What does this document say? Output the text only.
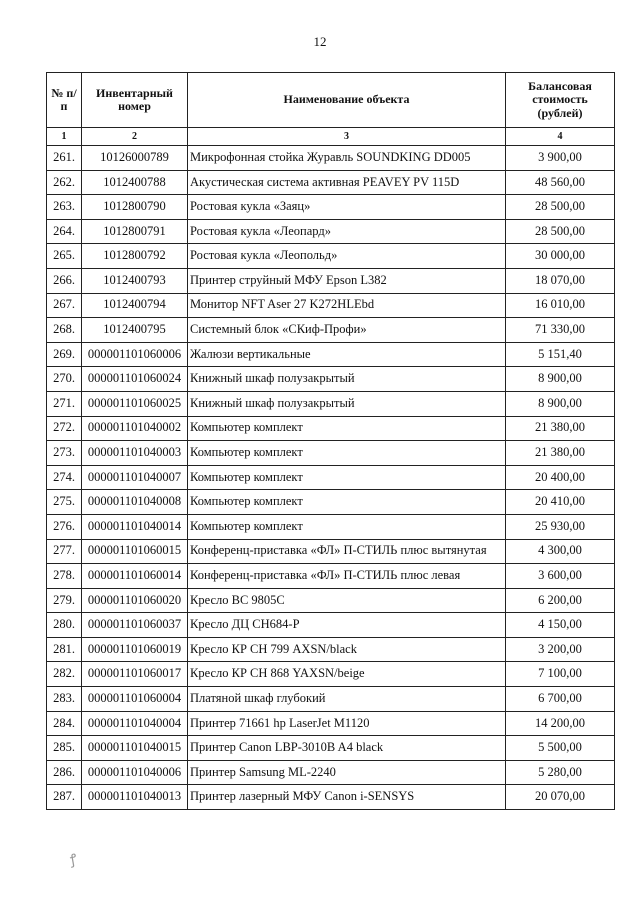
12
№ п/п	Инвентарный номер	Наименование объекта	Балансовая стоимость (рублей)
1	2	3	4
261.	10126000789	Микрофонная стойка Журавль SOUNDKING DD005	3 900,00
262.	1012400788	Акустическая система активная PEAVEY PV 115D	48 560,00
263.	1012800790	Ростовая кукла «Заяц»	28 500,00
264.	1012800791	Ростовая кукла «Леопард»	28 500,00
265.	1012800792	Ростовая кукла «Леопольд»	30 000,00
266.	1012400793	Принтер струйный МФУ Epson L382	18 070,00
267.	1012400794	Монитор NFT Aser 27 K272HLEbd	16 010,00
268.	1012400795	Системный блок «СКиф-Профи»	71 330,00
269.	000001101060006	Жалюзи вертикальные	5 151,40
270.	000001101060024	Книжный шкаф полузакрытый	8 900,00
271.	000001101060025	Книжный шкаф полузакрытый	8 900,00
272.	000001101040002	Компьютер комплект	21 380,00
273.	000001101040003	Компьютер комплект	21 380,00
274.	000001101040007	Компьютер комплект	20 400,00
275.	000001101040008	Компьютер комплект	20 410,00
276.	000001101040014	Компьютер комплект	25 930,00
277.	000001101060015	Конференц-приставка «ФЛ» П-СТИЛЬ плюс вытянутая	4 300,00
278.	000001101060014	Конференц-приставка «ФЛ» П-СТИЛЬ плюс левая	3 600,00
279.	000001101060020	Кресло ВС 9805С	6 200,00
280.	000001101060037	Кресло ДЦ СН684-Р	4 150,00
281.	000001101060019	Кресло КР СН 799 AXSN/black	3 200,00
282.	000001101060017	Кресло КР СН 868 YAXSN/beige	7 100,00
283.	000001101060004	Платяной шкаф глубокий	6 700,00
284.	000001101040004	Принтер 71661 hp LaserJet M1120	14 200,00
285.	000001101040015	Принтер Canon LBP-3010B A4 black	5 500,00
286.	000001101040006	Принтер Samsung ML-2240	5 280,00
287.	000001101040013	Принтер лазерный МФУ Canon i-SENSYS	20 070,00
ꝭ
